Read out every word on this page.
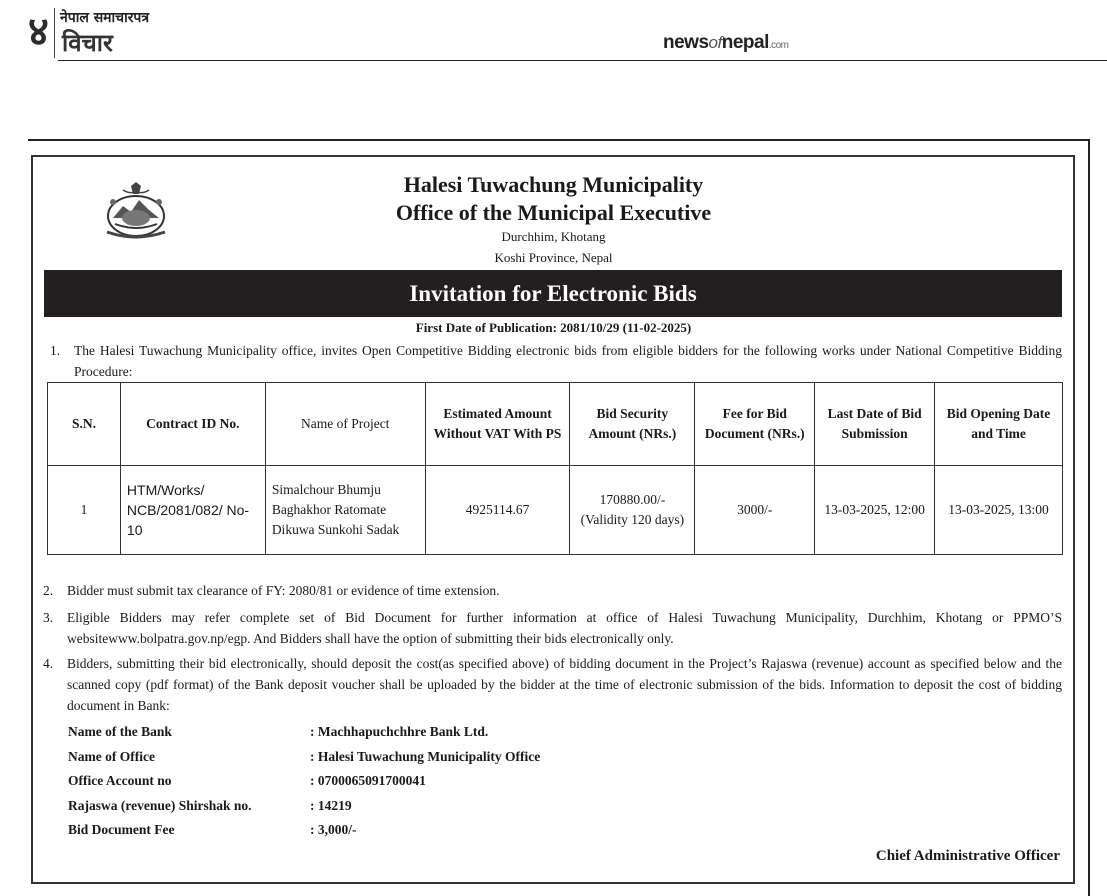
४ नेपाल समाचारपत्र
विचार	newsofnepal.com
Halesi Tuwachung Municipality
Office of the Municipal Executive
Durchhim, Khotang
Koshi Province, Nepal
Invitation for Electronic Bids
First Date of Publication: 2081/10/29 (11-02-2025)
1.	The Halesi Tuwachung Municipality office, invites Open Competitive Bidding electronic bids from eligible bidders for the following works under National Competitive Bidding Procedure:
S.N.	Contract ID No.	Name of Project	Estimated Amount Without VAT With PS	Bid Security Amount (NRs.)	Fee for Bid Document (NRs.)	Last Date of Bid Submission	Bid Opening Date and Time
1	HTM/Works/ NCB/2081/082/ No-10	Simalchour Bhumju Baghakhor Ratomate Dikuwa Sunkohi Sadak	4925114.67	170880.00/- (Validity 120 days)	3000/-	13-03-2025, 12:00	13-03-2025, 13:00
2.	Bidder must submit tax clearance of FY: 2080/81 or evidence of time extension.
3.	Eligible Bidders may refer complete set of Bid Document for further information at office of Halesi Tuwachung Municipality, Durchhim, Khotang or PPMO’S websitewww.bolpatra.gov.np/egp. And Bidders shall have the option of submitting their bids electronically only.
4.	Bidders, submitting their bid electronically, should deposit the cost(as specified above) of bidding document in the Project’s Rajaswa (revenue) account as specified below and the scanned copy (pdf format) of the Bank deposit voucher shall be uploaded by the bidder at the time of electronic submission of the bids. Information to deposit the cost of bidding document in Bank:
Name of the Bank	: Machhapuchchhre Bank Ltd.
Name of Office	: Halesi Tuwachung Municipality Office
Office Account no	: 0700065091700041
Rajaswa (revenue) Shirshak no.	: 14219
Bid Document Fee	: 3,000/-
Chief Administrative Officer
